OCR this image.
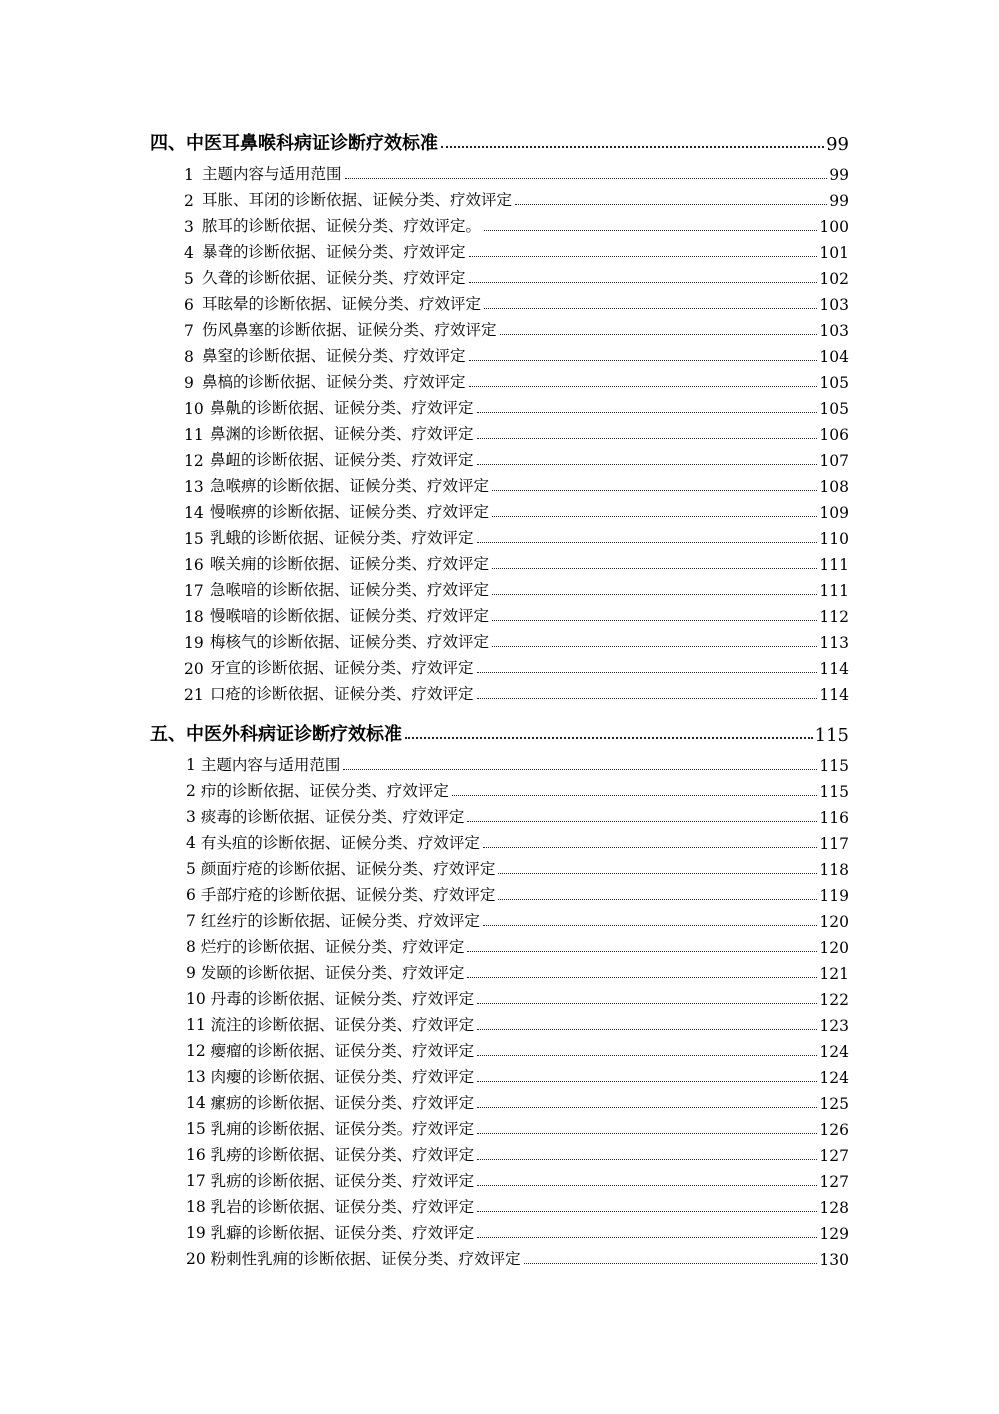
四、中医耳鼻喉科病证诊断疗效标准	99
1 主题内容与适用范围	99
2 耳胀、耳闭的诊断依据、证候分类、疗效评定	99
3 脓耳的诊断依据、证候分类、疗效评定。	100
4 暴聋的诊断依据、证候分类、疗效评定	101
5 久聋的诊断依据、证候分类、疗效评定	102
6 耳眩晕的诊断依据、证候分类、疗效评定	103
7 伤风鼻塞的诊断依据、证候分类、疗效评定	103
8 鼻窒的诊断依据、证候分类、疗效评定	104
9 鼻槁的诊断依据、证候分类、疗效评定	105
10 鼻鼽的诊断依据、证候分类、疗效评定	105
11 鼻渊的诊断依据、证候分类、疗效评定	106
12 鼻衄的诊断依据、证候分类、疗效评定	107
13 急喉痹的诊断依据、证候分类、疗效评定	108
14 慢喉痹的诊断依据、证候分类、疗效评定	109
15 乳蛾的诊断依据、证候分类、疗效评定	110
16 喉关痈的诊断依据、证候分类、疗效评定	111
17 急喉喑的诊断依据、证候分类、疗效评定	111
18 慢喉喑的诊断依据、证候分类、疗效评定	112
19 梅核气的诊断依据、证候分类、疗效评定	113
20 牙宣的诊断依据、证候分类、疗效评定	114
21 口疮的诊断依据、证候分类、疗效评定	114
五、中医外科病证诊断疗效标准	115
1 主题内容与适用范围	115
2 疖的诊断依据、证侯分类、疗效评定	115
3 痰毒的诊断依据、证侯分类、疗效评定	116
4 有头疽的诊断依据、证候分类、疗效评定	117
5 颜面疔疮的诊断依据、证候分类、疗效评定	118
6 手部疔疮的诊断依据、证候分类、疗效评定	119
7 红丝疔的诊断依据、证候分类、疗效评定	120
8 烂疔的诊断依据、证候分类、疗效评定	120
9 发颐的诊断依据、证侯分类、疗效评定	121
10 丹毒的诊断依据、证候分类、疗效评定	122
11 流注的诊断依据、证侯分类、疗效评定	123
12 瘿瘤的诊断依据、证侯分类、疗效评定	124
13 肉瘿的诊断依据、证侯分类、疗效评定	124
14 瘰疬的诊断依据、证侯分类、疗效评定	125
15 乳痈的诊断依据、证侯分类。疗效评定	126
16 乳痨的诊断依据、证侯分类、疗效评定	127
17 乳疬的诊断依据、证侯分类、疗效评定	127
18 乳岩的诊断依据、证侯分类、疗效评定	128
19 乳癖的诊断依据、证侯分类、疗效评定	129
20 粉刺性乳痈的诊断依据、证侯分类、疗效评定	130
